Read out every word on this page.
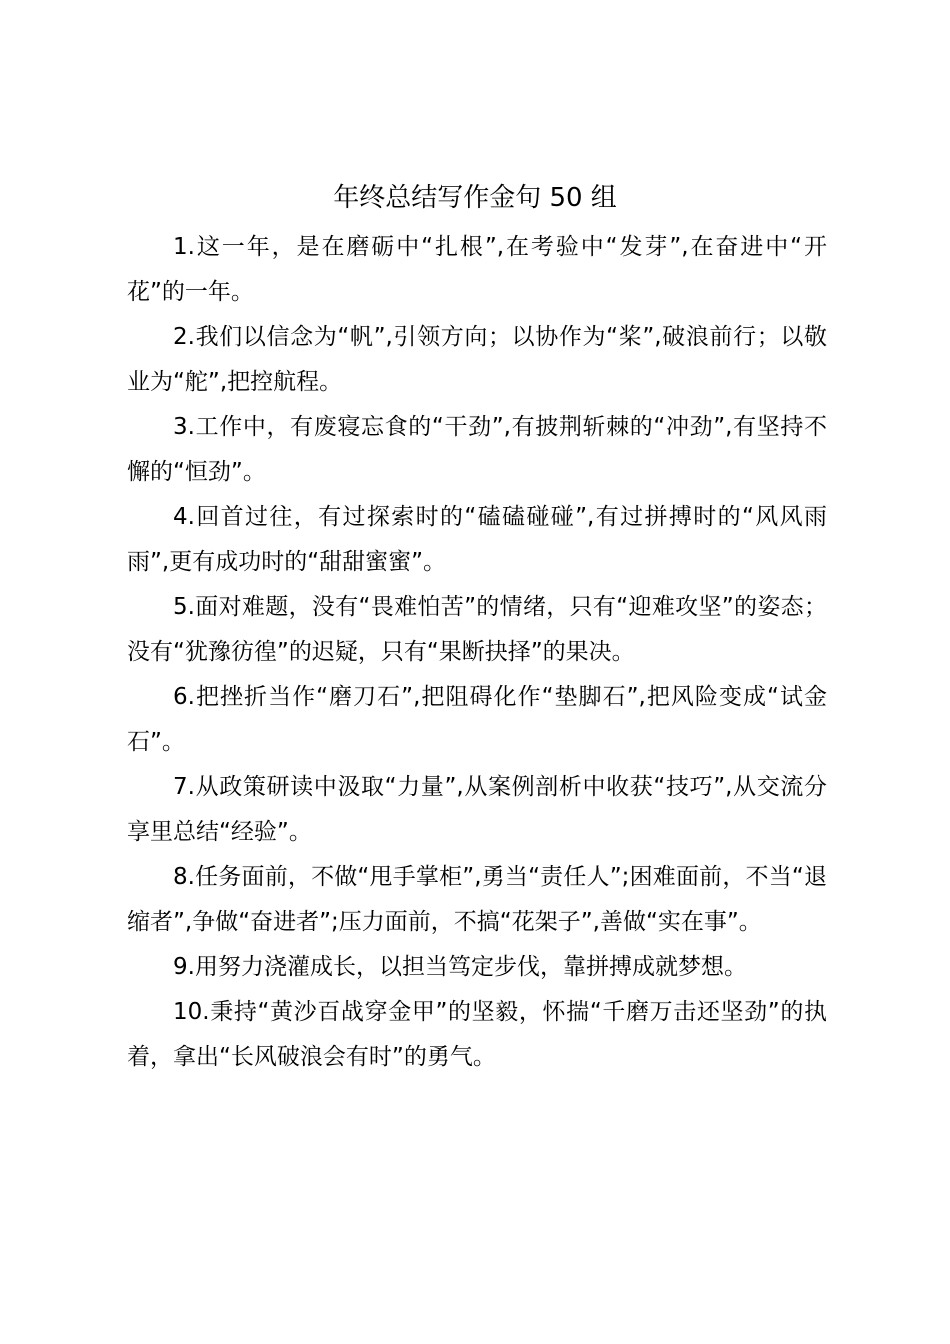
年终总结写作金句 50 组

1.这一年，是在磨砺中“扎根”,在考验中“发芽”,在奋进中“开花”的一年。

2.我们以信念为“帆”,引领方向；以协作为“桨”,破浪前行；以敬业为“舵”,把控航程。

3.工作中，有废寝忘食的“干劲”,有披荆斩棘的“冲劲”,有坚持不懈的“恒劲”。

4.回首过往，有过探索时的“磕磕碰碰”,有过拼搏时的“风风雨雨”,更有成功时的“甜甜蜜蜜”。

5.面对难题，没有“畏难怕苦”的情绪，只有“迎难攻坚”的姿态；没有“犹豫彷徨”的迟疑，只有“果断抉择”的果决。

6.把挫折当作“磨刀石”,把阻碍化作“垫脚石”,把风险变成“试金石”。

7.从政策研读中汲取“力量”,从案例剖析中收获“技巧”,从交流分享里总结“经验”。

8.任务面前，不做“甩手掌柜”,勇当“责任人”;困难面前，不当“退缩者”,争做“奋进者”;压力面前，不搞“花架子”,善做“实在事”。

9.用努力浇灌成长，以担当笃定步伐，靠拼搏成就梦想。

10.秉持“黄沙百战穿金甲”的坚毅，怀揣“千磨万击还坚劲”的执着，拿出“长风破浪会有时”的勇气。
